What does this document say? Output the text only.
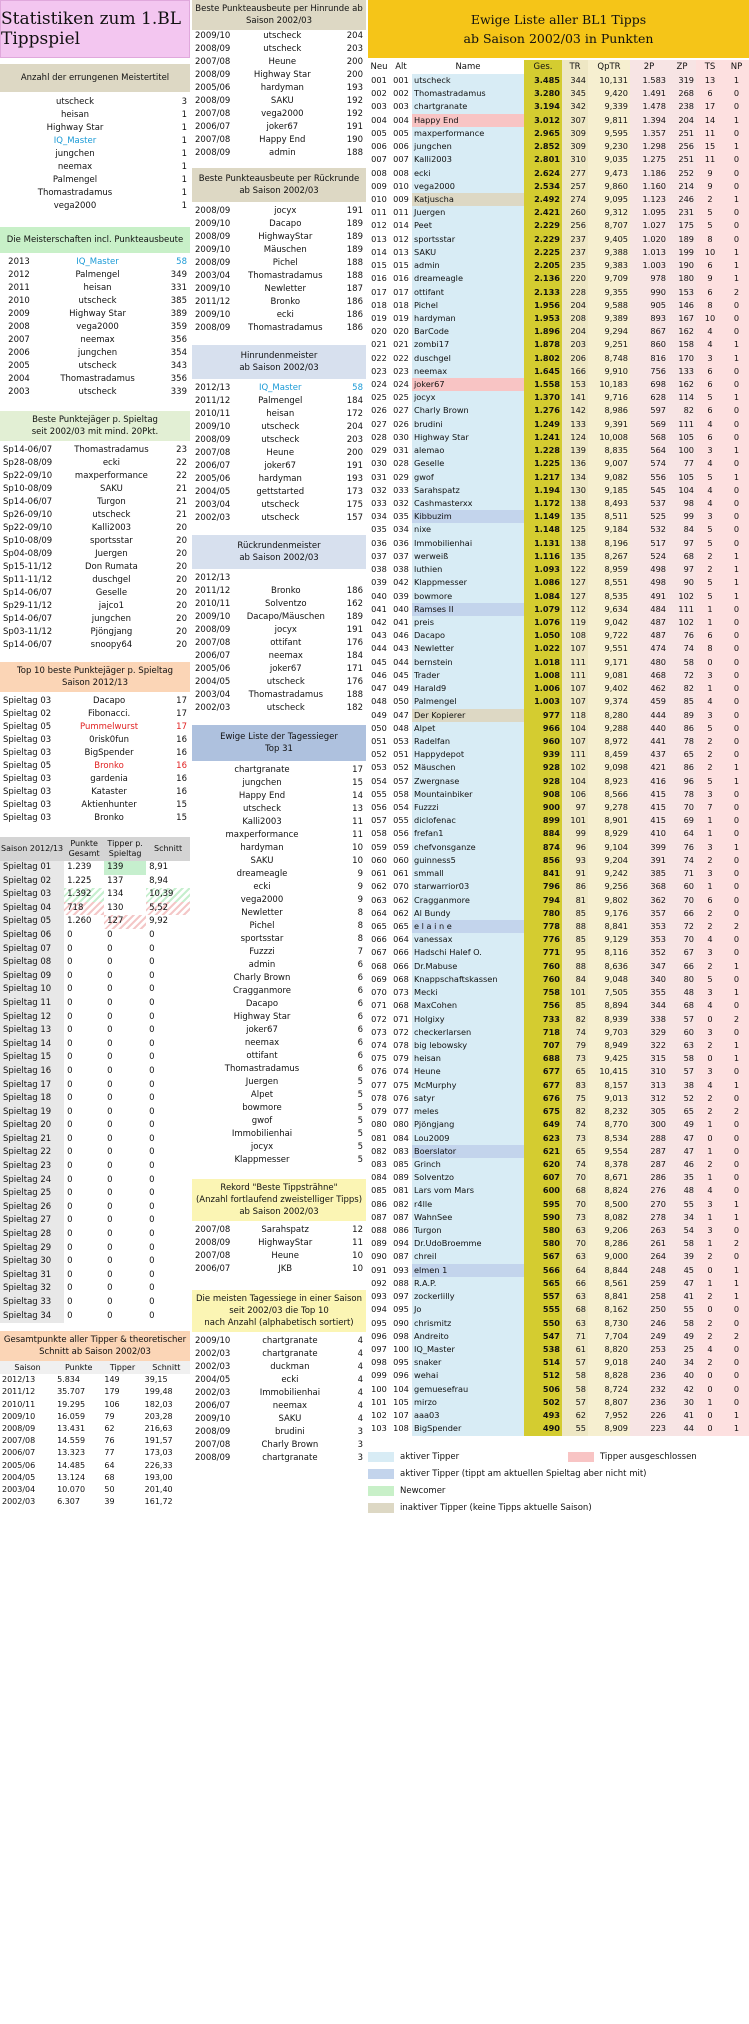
Statistiken zum 1.BL Tippspiel
Anzahl der errungenen Meistertitel
utscheck	3
heisan	1
Highway Star	1
IQ_Master	1
jungchen	1
neemax	1
Palmengel	1
Thomastradamus	1
vega2000	1
Die Meisterschaften incl. Punkteausbeute
2013	IQ_Master	58
2012	Palmengel	349
2011	heisan	331
2010	utscheck	385
2009	Highway Star	389
2008	vega2000	359
2007	neemax	356
2006	jungchen	354
2005	utscheck	343
2004	Thomastradamus	356
2003	utscheck	339
Beste Punktejäger p. Spieltag
seit 2002/03 mit mind. 20Pkt.
Sp14-06/07	Thomastradamus	23
Sp28-08/09	ecki	22
Sp22-09/10	maxperformance	22
Sp10-08/09	SAKU	21
Sp14-06/07	Turgon	21
Sp26-09/10	utscheck	21
Sp22-09/10	Kalli2003	20
Sp10-08/09	sportsstar	20
Sp04-08/09	Juergen	20
Sp15-11/12	Don Rumata	20
Sp11-11/12	duschgel	20
Sp14-06/07	Geselle	20
Sp29-11/12	jajco1	20
Sp14-06/07	jungchen	20
Sp03-11/12	Pjöngjang	20
Sp14-06/07	snoopy64	20
Top 10 beste Punktejäger p. Spieltag
Saison 2012/13
Spieltag 03	Dacapo	17
Spieltag 02	Fibonacci.	17
Spieltag 05	Pummelwurst	17
Spieltag 03	0risk0fun	16
Spieltag 03	BigSpender	16
Spieltag 05	Bronko	16
Spieltag 03	gardenia	16
Spieltag 03	Kataster	16
Spieltag 03	Aktienhunter	15
Spieltag 03	Bronko	15
Saison 2012/13	Punkte Gesamt	Tipper p. Spieltag	Schnitt
Spieltag 01	1.239	139	8,91
Spieltag 02	1.225	137	8,94
Spieltag 03	1.392	134	10,39
Spieltag 04	718	130	5,52
Spieltag 05	1.260	127	9,92
Spieltag 06	0	0	0
Spieltag 07	0	0	0
Spieltag 08	0	0	0
Spieltag 09	0	0	0
Spieltag 10	0	0	0
Spieltag 11	0	0	0
Spieltag 12	0	0	0
Spieltag 13	0	0	0
Spieltag 14	0	0	0
Spieltag 15	0	0	0
Spieltag 16	0	0	0
Spieltag 17	0	0	0
Spieltag 18	0	0	0
Spieltag 19	0	0	0
Spieltag 20	0	0	0
Spieltag 21	0	0	0
Spieltag 22	0	0	0
Spieltag 23	0	0	0
Spieltag 24	0	0	0
Spieltag 25	0	0	0
Spieltag 26	0	0	0
Spieltag 27	0	0	0
Spieltag 28	0	0	0
Spieltag 29	0	0	0
Spieltag 30	0	0	0
Spieltag 31	0	0	0
Spieltag 32	0	0	0
Spieltag 33	0	0	0
Spieltag 34	0	0	0
Gesamtpunkte aller Tipper & theoretischer
Schnitt ab Saison 2002/03
Saison	Punkte	Tipper	Schnitt
2012/13	5.834	149	39,15
2011/12	35.707	179	199,48
2010/11	19.295	106	182,03
2009/10	16.059	79	203,28
2008/09	13.431	62	216,63
2007/08	14.559	76	191,57
2006/07	13.323	77	173,03
2005/06	14.485	64	226,33
2004/05	13.124	68	193,00
2003/04	10.070	50	201,40
2002/03	6.307	39	161,72
Beste Punkteausbeute per Hinrunde ab
Saison 2002/03
2009/10	utscheck	204
2008/09	utscheck	203
2007/08	Heune	200
2008/09	Highway Star	200
2005/06	hardyman	193
2008/09	SAKU	192
2007/08	vega2000	192
2006/07	joker67	191
2007/08	Happy End	190
2008/09	admin	188
Beste Punkteausbeute per Rückrunde ab Saison 2002/03
2008/09	jocyx	191
2009/10	Dacapo	189
2008/09	HighwayStar	189
2009/10	Mäuschen	189
2008/09	Pichel	188
2003/04	Thomastradamus	188
2009/10	Newletter	187
2011/12	Bronko	186
2009/10	ecki	186
2008/09	Thomastradamus	186
Hinrundenmeister
ab Saison 2002/03
2012/13	IQ_Master	58
2011/12	Palmengel	184
2010/11	heisan	172
2009/10	utscheck	204
2008/09	utscheck	203
2007/08	Heune	200
2006/07	joker67	191
2005/06	hardyman	193
2004/05	gettstarted	173
2003/04	utscheck	175
2002/03	utscheck	157
Rückrundenmeister
ab Saison 2002/03
2012/13		
2011/12	Bronko	186
2010/11	Solventzo	162
2009/10	Dacapo/Mäuschen	189
2008/09	jocyx	191
2007/08	ottifant	176
2006/07	neemax	184
2005/06	joker67	171
2004/05	utscheck	176
2003/04	Thomastradamus	188
2002/03	utscheck	182
Ewige Liste der Tagessieger
Top 31
chartgranate	17
jungchen	15
Happy End	14
utscheck	13
Kalli2003	11
maxperformance	11
hardyman	10
SAKU	10
dreameagle	9
ecki	9
vega2000	9
Newletter	8
Pichel	8
sportsstar	8
Fuzzzi	7
admin	6
Charly Brown	6
Cragganmore	6
Dacapo	6
Highway Star	6
joker67	6
neemax	6
ottifant	6
Thomastradamus	6
Juergen	5
Alpet	5
bowmore	5
gwof	5
Immobilienhai	5
jocyx	5
Klappmesser	5
Rekord "Beste Tippsträhne"
(Anzahl fortlaufend zweistelliger Tipps)
ab Saison 2002/03
2007/08	Sarahspatz	12
2008/09	HighwayStar	11
2007/08	Heune	10
2006/07	JKB	10
Die meisten Tagessiege in einer Saison
seit 2002/03 die Top 10
nach Anzahl (alphabetisch sortiert)
2009/10	chartgranate	4
2002/03	chartgranate	4
2002/03	duckman	4
2004/05	ecki	4
2002/03	Immobilienhai	4
2006/07	neemax	4
2009/10	SAKU	4
2008/09	brudini	3
2007/08	Charly Brown	3
2008/09	chartgranate	3
Ewige Liste aller BL1 Tipps
ab Saison 2002/03 in Punkten
Neu	Alt	Name	Ges.	TR	QpTR	2P	ZP	TS	NP
001	001	utscheck	3.485	344	10,131	1.583	319	13	1
002	002	Thomastradamus	3.280	345	9,420	1.491	268	6	0
003	003	chartgranate	3.194	342	9,339	1.478	238	17	0
004	004	Happy End	3.012	307	9,811	1.394	204	14	1
005	005	maxperformance	2.965	309	9,595	1.357	251	11	0
006	006	jungchen	2.852	309	9,230	1.298	256	15	1
007	007	Kalli2003	2.801	310	9,035	1.275	251	11	0
008	008	ecki	2.624	277	9,473	1.186	252	9	0
009	010	vega2000	2.534	257	9,860	1.160	214	9	0
010	009	Katjuscha	2.492	274	9,095	1.123	246	2	1
011	011	Juergen	2.421	260	9,312	1.095	231	5	0
012	014	Peet	2.229	256	8,707	1.027	175	5	0
013	012	sportsstar	2.229	237	9,405	1.020	189	8	0
014	013	SAKU	2.225	237	9,388	1.013	199	10	1
015	015	admin	2.205	235	9,383	1.003	190	6	1
016	016	dreameagle	2.136	220	9,709	978	180	9	1
017	017	ottifant	2.133	228	9,355	990	153	6	2
018	018	Pichel	1.956	204	9,588	905	146	8	0
019	019	hardyman	1.953	208	9,389	893	167	10	0
020	020	BarCode	1.896	204	9,294	867	162	4	0
021	021	zombi17	1.878	203	9,251	860	158	4	1
022	022	duschgel	1.802	206	8,748	816	170	3	1
023	023	neemax	1.645	166	9,910	756	133	6	0
024	024	joker67	1.558	153	10,183	698	162	6	0
025	025	jocyx	1.370	141	9,716	628	114	5	1
026	027	Charly Brown	1.276	142	8,986	597	82	6	0
027	026	brudini	1.249	133	9,391	569	111	4	0
028	030	Highway Star	1.241	124	10,008	568	105	6	0
029	031	alemao	1.228	139	8,835	564	100	3	1
030	028	Geselle	1.225	136	9,007	574	77	4	0
031	029	gwof	1.217	134	9,082	556	105	5	1
032	033	Sarahspatz	1.194	130	9,185	545	104	4	0
033	032	Cashmasterxx	1.172	138	8,493	537	98	4	0
034	035	Kibbuzim	1.149	135	8,511	525	99	3	0
035	034	nixe	1.148	125	9,184	532	84	5	0
036	036	Immobilienhai	1.131	138	8,196	517	97	5	0
037	037	werweiß	1.116	135	8,267	524	68	2	1
038	038	luthien	1.093	122	8,959	498	97	2	1
039	042	Klappmesser	1.086	127	8,551	498	90	5	1
040	039	bowmore	1.084	127	8,535	491	102	5	1
041	040	Ramses II	1.079	112	9,634	484	111	1	0
042	041	preis	1.076	119	9,042	487	102	1	0
043	046	Dacapo	1.050	108	9,722	487	76	6	0
044	043	Newletter	1.022	107	9,551	474	74	8	0
045	044	bernstein	1.018	111	9,171	480	58	0	0
046	045	Trader	1.008	111	9,081	468	72	3	0
047	049	Harald9	1.006	107	9,402	462	82	1	0
048	050	Palmengel	1.003	107	9,374	459	85	4	0
049	047	Der Kopierer	977	118	8,280	444	89	3	0
050	048	Alpet	966	104	9,288	440	86	5	0
051	053	Radelfan	960	107	8,972	441	78	2	0
052	051	Happydepot	939	111	8,459	437	65	2	0
053	052	Mäuschen	928	102	9,098	421	86	2	1
054	057	Zwergnase	928	104	8,923	416	96	5	1
055	058	Mountainbiker	908	106	8,566	415	78	3	0
056	054	Fuzzzi	900	97	9,278	415	70	7	0
057	055	diclofenac	899	101	8,901	415	69	1	0
058	056	frefan1	884	99	8,929	410	64	1	0
059	059	chefvonsganze	874	96	9,104	399	76	3	1
060	060	guinness5	856	93	9,204	391	74	2	0
061	061	smmall	841	91	9,242	385	71	3	0
062	070	starwarrior03	796	86	9,256	368	60	1	0
063	062	Cragganmore	794	81	9,802	362	70	6	0
064	062	Al Bundy	780	85	9,176	357	66	2	0
065	065	e l a i n e	778	88	8,841	353	72	2	2
066	064	vanessax	776	85	9,129	353	70	4	0
067	066	Hadschi Halef O.	771	95	8,116	352	67	3	0
068	066	Dr.Mabuse	760	88	8,636	347	66	2	1
069	068	Knappschaftskassen	760	84	9,048	340	80	5	0
070	073	Mecki	758	101	7,505	355	48	3	1
071	068	MaxCohen	756	85	8,894	344	68	4	0
072	071	Holgixy	733	82	8,939	338	57	0	2
073	072	checkerlarsen	718	74	9,703	329	60	3	0
074	078	big lebowsky	707	79	8,949	322	63	2	1
075	079	heisan	688	73	9,425	315	58	0	1
076	074	Heune	677	65	10,415	310	57	3	0
077	075	McMurphy	677	83	8,157	313	38	4	1
078	076	satyr	676	75	9,013	312	52	2	0
079	077	meles	675	82	8,232	305	65	2	2
080	080	Pjöngjang	649	74	8,770	300	49	1	0
081	084	Lou2009	623	73	8,534	288	47	0	0
082	083	Boerslator	621	65	9,554	287	47	1	0
083	085	Grinch	620	74	8,378	287	46	2	0
084	089	Solventzo	607	70	8,671	286	35	1	0
085	081	Lars vom Mars	600	68	8,824	276	48	4	0
086	082	r4lle	595	70	8,500	270	55	3	1
087	087	WahnSee	590	73	8,082	278	34	1	1
088	086	Turgon	580	63	9,206	263	54	3	0
089	094	Dr.UdoBroemme	580	70	8,286	261	58	1	2
090	087	chreil	567	63	9,000	264	39	2	0
091	093	elmen 1	566	64	8,844	248	45	0	1
092	088	R.A.P.	565	66	8,561	259	47	1	1
093	097	zockerlilly	557	63	8,841	258	41	2	1
094	095	Jo	555	68	8,162	250	55	0	0
095	090	chrismitz	550	63	8,730	246	58	2	0
096	098	Andreito	547	71	7,704	249	49	2	2
097	100	IQ_Master	538	61	8,820	253	25	4	0
098	095	snaker	514	57	9,018	240	34	2	0
099	096	wehai	512	58	8,828	236	40	0	0
100	104	gemuesefrau	506	58	8,724	232	42	0	0
101	105	mirzo	502	57	8,807	236	30	1	0
102	107	aaa03	493	62	7,952	226	41	0	1
103	108	BigSpender	490	55	8,909	223	44	0	1
aktiver Tipper	Tipper ausgeschlossen
aktiver Tipper (tippt am aktuellen Spieltag aber nicht mit)
Newcomer
inaktiver Tipper (keine Tipps aktuelle Saison)
